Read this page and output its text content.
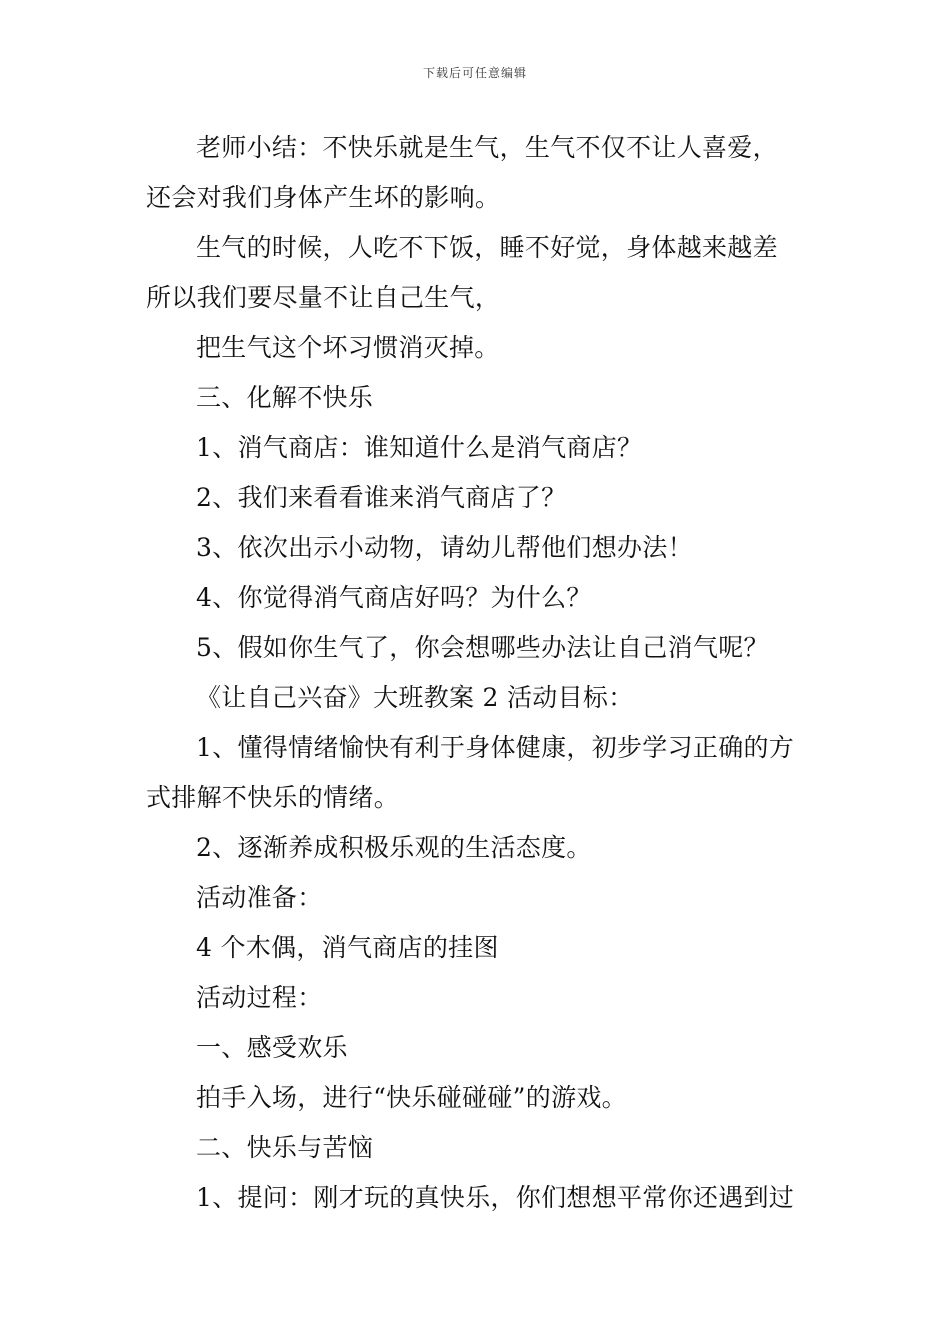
下载后可任意编辑
老师小结：不快乐就是生气，生气不仅不让人喜爱，
还会对我们身体产生坏的影响。
生气的时候，人吃不下饭，睡不好觉，身体越来越差
所以我们要尽量不让自己生气，
把生气这个坏习惯消灭掉。
三、化解不快乐
1、消气商店：谁知道什么是消气商店？
2、我们来看看谁来消气商店了？
3、依次出示小动物，请幼儿帮他们想办法！
4、你觉得消气商店好吗？为什么？
5、假如你生气了，你会想哪些办法让自己消气呢？
《让自己兴奋》大班教案 2 活动目标：
1、懂得情绪愉快有利于身体健康，初步学习正确的方
式排解不快乐的情绪。
2、逐渐养成积极乐观的生活态度。
活动准备：
4 个木偶，消气商店的挂图
活动过程：
一、感受欢乐
拍手入场，进行“快乐碰碰碰”的游戏。
二、快乐与苦恼
1、提问：刚才玩的真快乐，你们想想平常你还遇到过
